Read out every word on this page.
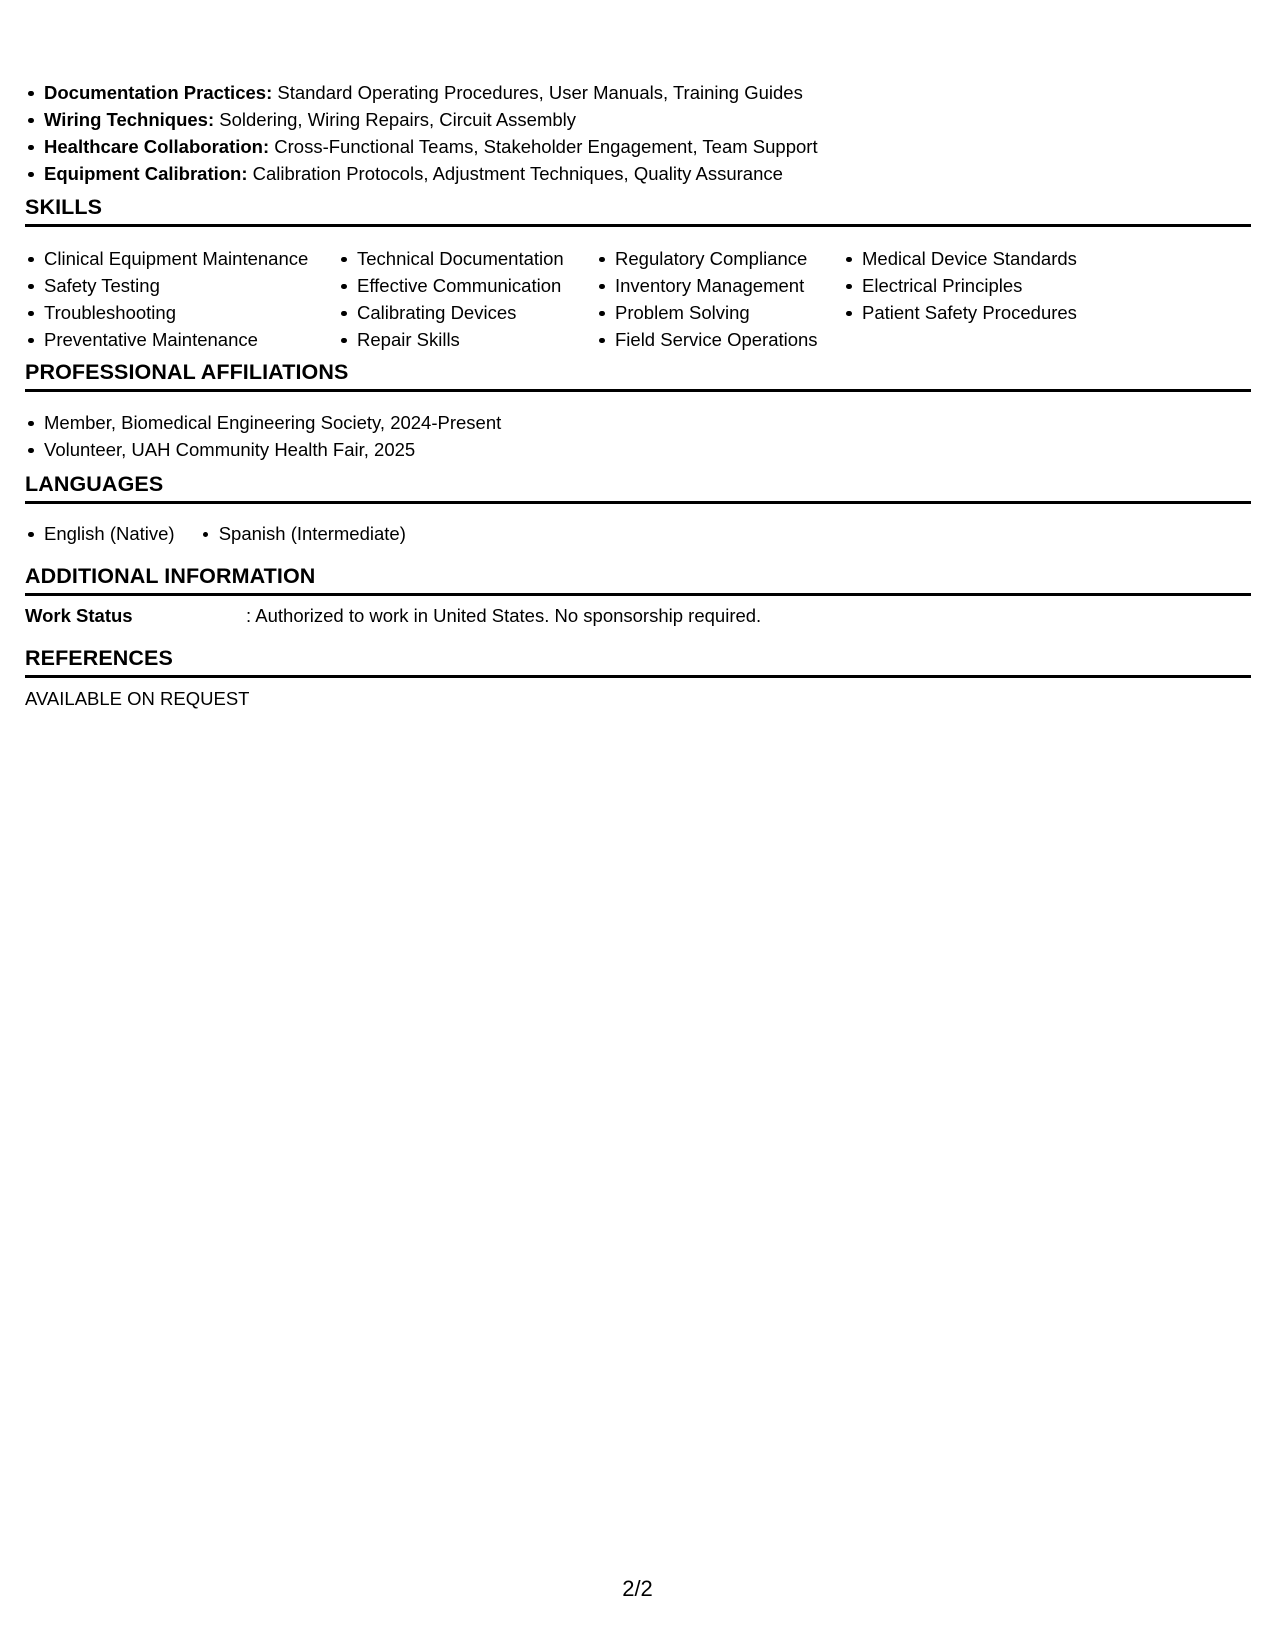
Documentation Practices: Standard Operating Procedures, User Manuals, Training Guides
Wiring Techniques: Soldering, Wiring Repairs, Circuit Assembly
Healthcare Collaboration: Cross-Functional Teams, Stakeholder Engagement, Team Support
Equipment Calibration: Calibration Protocols, Adjustment Techniques, Quality Assurance
SKILLS
Clinical Equipment Maintenance
Safety Testing
Troubleshooting
Preventative Maintenance
Technical Documentation
Effective Communication
Calibrating Devices
Repair Skills
Regulatory Compliance
Inventory Management
Problem Solving
Field Service Operations
Medical Device Standards
Electrical Principles
Patient Safety Procedures
PROFESSIONAL AFFILIATIONS
Member, Biomedical Engineering Society, 2024-Present
Volunteer, UAH Community Health Fair, 2025
LANGUAGES
English (Native) Spanish (Intermediate)
ADDITIONAL INFORMATION
Work Status	: Authorized to work in United States. No sponsorship required.
REFERENCES
AVAILABLE ON REQUEST
2/2
